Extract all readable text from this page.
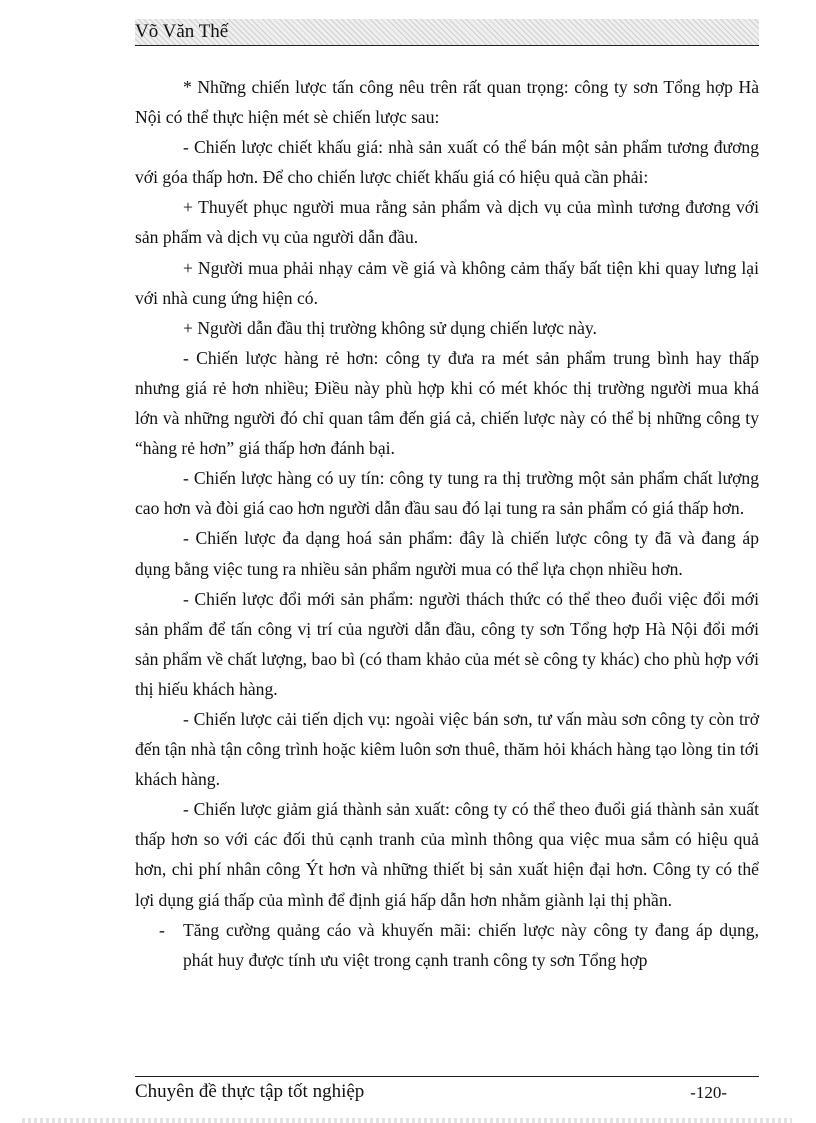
Võ Văn Thế

* Những chiến lược tấn công nêu trên rất quan trọng: công ty sơn Tổng hợp Hà Nội có thể thực hiện mét sè chiến lược sau:

- Chiến lược chiết khấu giá: nhà sản xuất có thể bán một sản phẩm tương đương với góa thấp hơn. Để cho chiến lược chiết khấu giá có hiệu quả cần phải:

+ Thuyết phục người mua rằng sản phẩm và dịch vụ của mình tương đương với sản phẩm và dịch vụ của người dẫn đầu.

+ Người mua phải nhạy cảm về giá và không cảm thấy bất tiện khi quay lưng lại với nhà cung ứng hiện có.

+ Người dẫn đầu thị trường không sử dụng chiến lược này.

- Chiến lược hàng rẻ hơn: công ty đưa ra mét sản phẩm trung bình hay thấp nhưng giá rẻ hơn nhiều; Điều này phù hợp khi có mét khóc thị trường người mua khá lớn và những người đó chỉ quan tâm đến giá cả, chiến lược này có thể bị những công ty “hàng rẻ hơn” giá thấp hơn đánh bại.

- Chiến lược hàng có uy tín: công ty tung ra thị trường một sản phẩm chất lượng cao hơn và đòi giá cao hơn người dẫn đầu sau đó lại tung ra sản phẩm có giá thấp hơn.

- Chiến lược đa dạng hoá sản phẩm: đây là chiến lược công ty đã và đang áp dụng bằng việc tung ra nhiều sản phẩm người mua có thể lựa chọn nhiều hơn.

- Chiến lược đổi mới sản phẩm: người thách thức có thể theo đuổi việc đổi mới sản phẩm để tấn công vị trí của người dẫn đầu, công ty sơn Tổng hợp Hà Nội đổi mới sản phẩm về chất lượng, bao bì (có tham khảo của mét sè công ty khác) cho phù hợp với thị hiếu khách hàng.

- Chiến lược cải tiến dịch vụ: ngoài việc bán sơn, tư vấn màu sơn công ty còn trở đến tận nhà tận công trình hoặc kiêm luôn sơn thuê, thăm hỏi khách hàng tạo lòng tin tới khách hàng.

- Chiến lược giảm giá thành sản xuất: công ty có thể theo đuổi giá thành sản xuất thấp hơn so với các đối thủ cạnh tranh của mình thông qua việc mua sắm có hiệu quả hơn, chi phí nhân công Ýt hơn và những thiết bị sản xuất hiện đại hơn. Công ty có thể lợi dụng giá thấp của mình để định giá hấp dẫn hơn nhằm giành lại thị phần.

- Tăng cường quảng cáo và khuyến mãi: chiến lược này công ty đang áp dụng, phát huy được tính ưu việt trong cạnh tranh công ty sơn Tổng hợp

Chuyên đề thực tập tốt nghiệp	-120-
